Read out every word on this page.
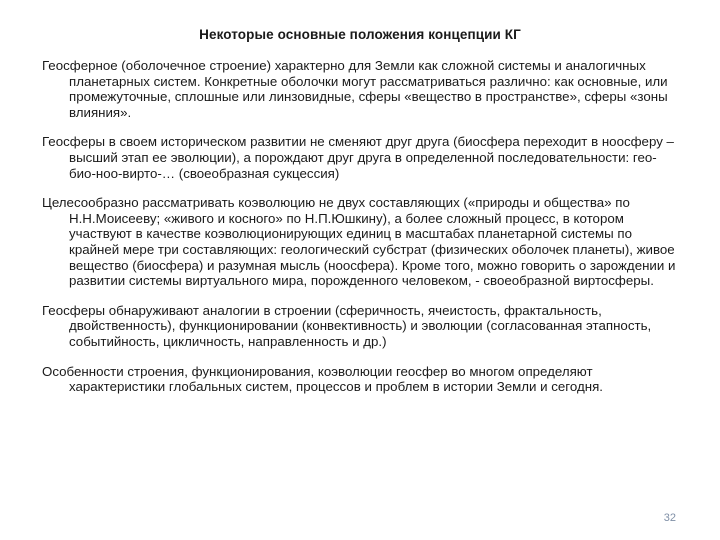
Некоторые основные положения концепции КГ

Геосферное (оболочечное строение) характерно для Земли как сложной системы и аналогичных планетарных систем. Конкретные оболочки могут рассматриваться различно: как основные, или промежуточные, сплошные или линзовидные, сферы «вещество в пространстве», сферы «зоны влияния».

Геосферы в своем историческом развитии не сменяют друг друга (биосфера переходит в ноосферу – высший этап ее эволюции), а порождают друг друга в определенной последовательности: гео-био-ноо-вирто-… (своеобразная сукцессия)

Целесообразно рассматривать коэволюцию не двух составляющих («природы и общества» по Н.Н.Моисееву; «живого и косного» по Н.П.Юшкину), а более сложный процесс, в котором участвуют в качестве коэволюционирующих единиц в масштабах планетарной системы по крайней мере три составляющих: геологический субстрат (физических оболочек планеты), живое вещество (биосфера) и разумная мысль (ноосфера). Кроме того, можно говорить о зарождении и развитии системы виртуального мира, порожденного человеком, - своеобразной виртосферы.

Геосферы обнаруживают аналогии в строении (сферичность, ячеистость, фрактальность, двойственность), функционировании (конвективность) и эволюции (согласованная этапность, событийность, цикличность, направленность и др.)

Особенности строения, функционирования, коэволюции геосфер во многом определяют характеристики глобальных систем, процессов и проблем в истории Земли и сегодня.

32
